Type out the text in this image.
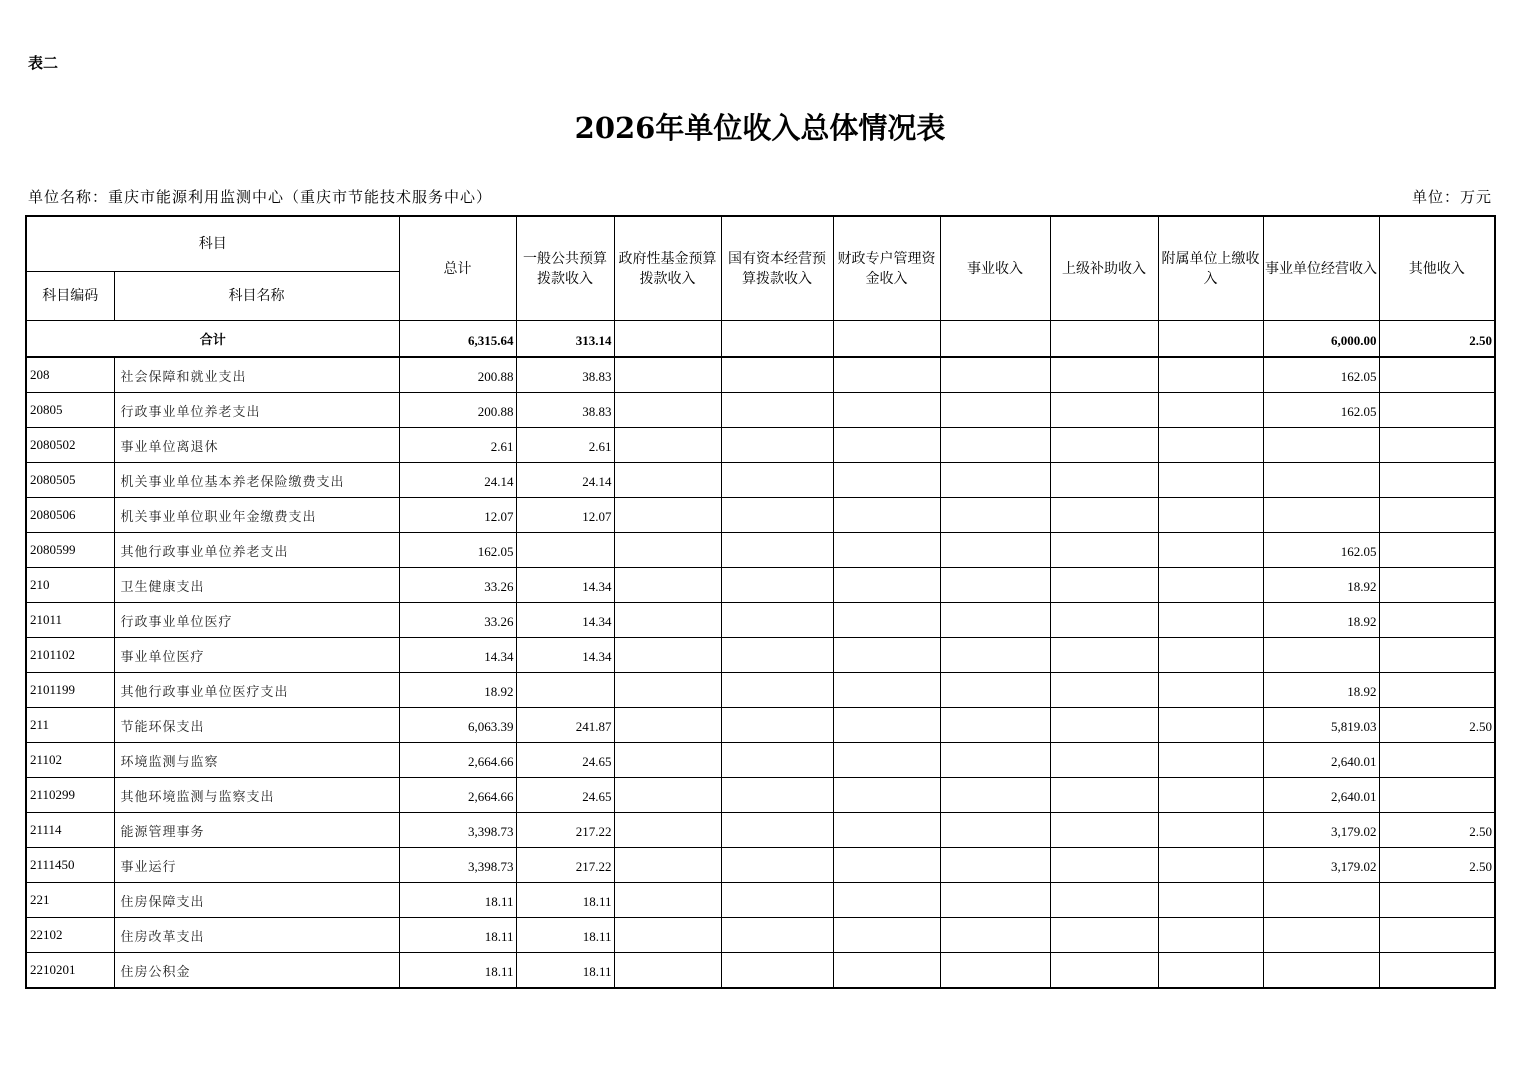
表二
2026年单位收入总体情况表
单位名称：重庆市能源利用监测中心（重庆市节能技术服务中心）	单位：万元
科目		总计	一般公共预算拨款收入	政府性基金预算拨款收入	国有资本经营预算拨款收入	财政专户管理资金收入	事业收入	上级补助收入	附属单位上缴收入	事业单位经营收入	其他收入
科目编码	科目名称										
合计		6,315.64	313.14							6,000.00	2.50
208	社会保障和就业支出	200.88	38.83							162.05	
20805	行政事业单位养老支出	200.88	38.83							162.05	
2080502	事业单位离退休	2.61	2.61								
2080505	机关事业单位基本养老保险缴费支出	24.14	24.14								
2080506	机关事业单位职业年金缴费支出	12.07	12.07								
2080599	其他行政事业单位养老支出	162.05								162.05	
210	卫生健康支出	33.26	14.34							18.92	
21011	行政事业单位医疗	33.26	14.34							18.92	
2101102	事业单位医疗	14.34	14.34								
2101199	其他行政事业单位医疗支出	18.92								18.92	
211	节能环保支出	6,063.39	241.87							5,819.03	2.50
21102	环境监测与监察	2,664.66	24.65							2,640.01	
2110299	其他环境监测与监察支出	2,664.66	24.65							2,640.01	
21114	能源管理事务	3,398.73	217.22							3,179.02	2.50
2111450	事业运行	3,398.73	217.22							3,179.02	2.50
221	住房保障支出	18.11	18.11								
22102	住房改革支出	18.11	18.11								
2210201	住房公积金	18.11	18.11								
